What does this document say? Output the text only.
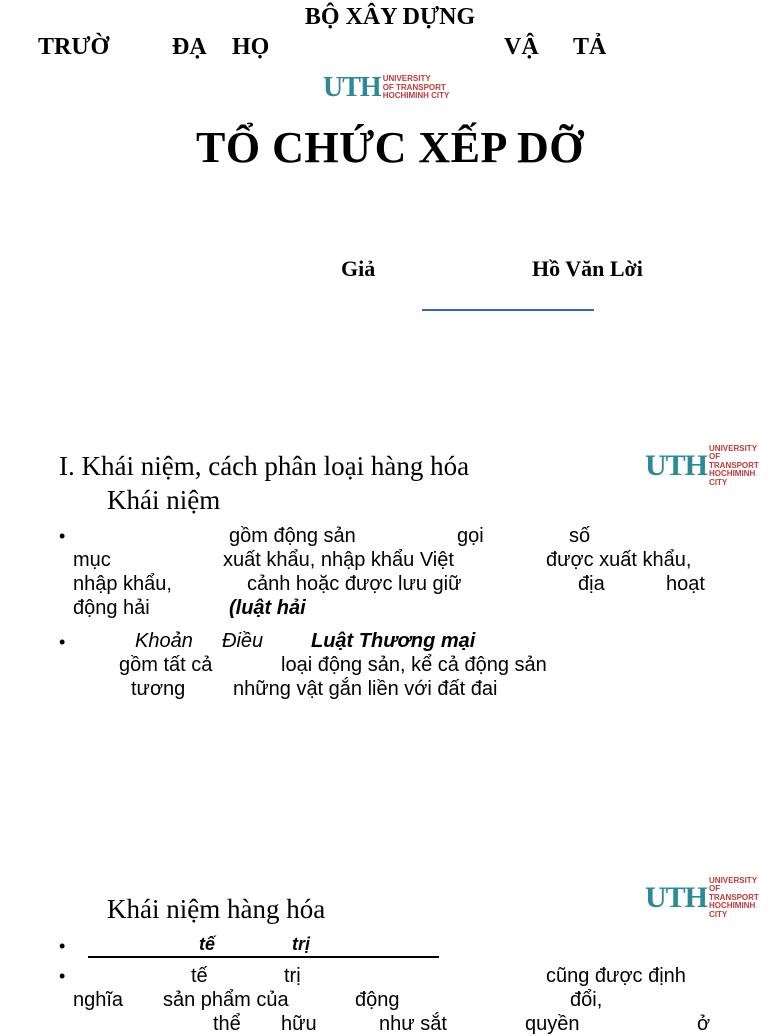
BỘ XÂY DỰNG
TRƯỜ	ĐẠ HỌ	VẬ TẢ
UTH UNIVERSITY
OF TRANSPORT
HOCHIMINH CITY
TỔ CHỨC XẾP DỠ
Giả	Hồ Văn Lời
UTH
UNIVERSITY
OF TRANSPORT
HOCHIMINH CITY
I. Khái niệm, cách phân loại hàng hóa
Khái niệm
•	gồm động sản	gọi	số
mục	xuất khẩu, nhập khẩu Việt	được xuất khẩu,
nhập khẩu,	cảnh hoặc được lưu giữ	địa	hoạt
động hải	(luật hải
•	Khoản Điều Luật Thương mại
gồm tất cả	loại động sản, kể cả động sản
tương những vật gắn liền với đất đai
UTH
UNIVERSITY
OF TRANSPORT
HOCHIMINH CITY
Khái niệm hàng hóa
•	tế	trị
•	tế	trị	cũng được định
nghĩa sản phẩm của	động	đổi,
thể hữu	như sắt	quyền	ở
